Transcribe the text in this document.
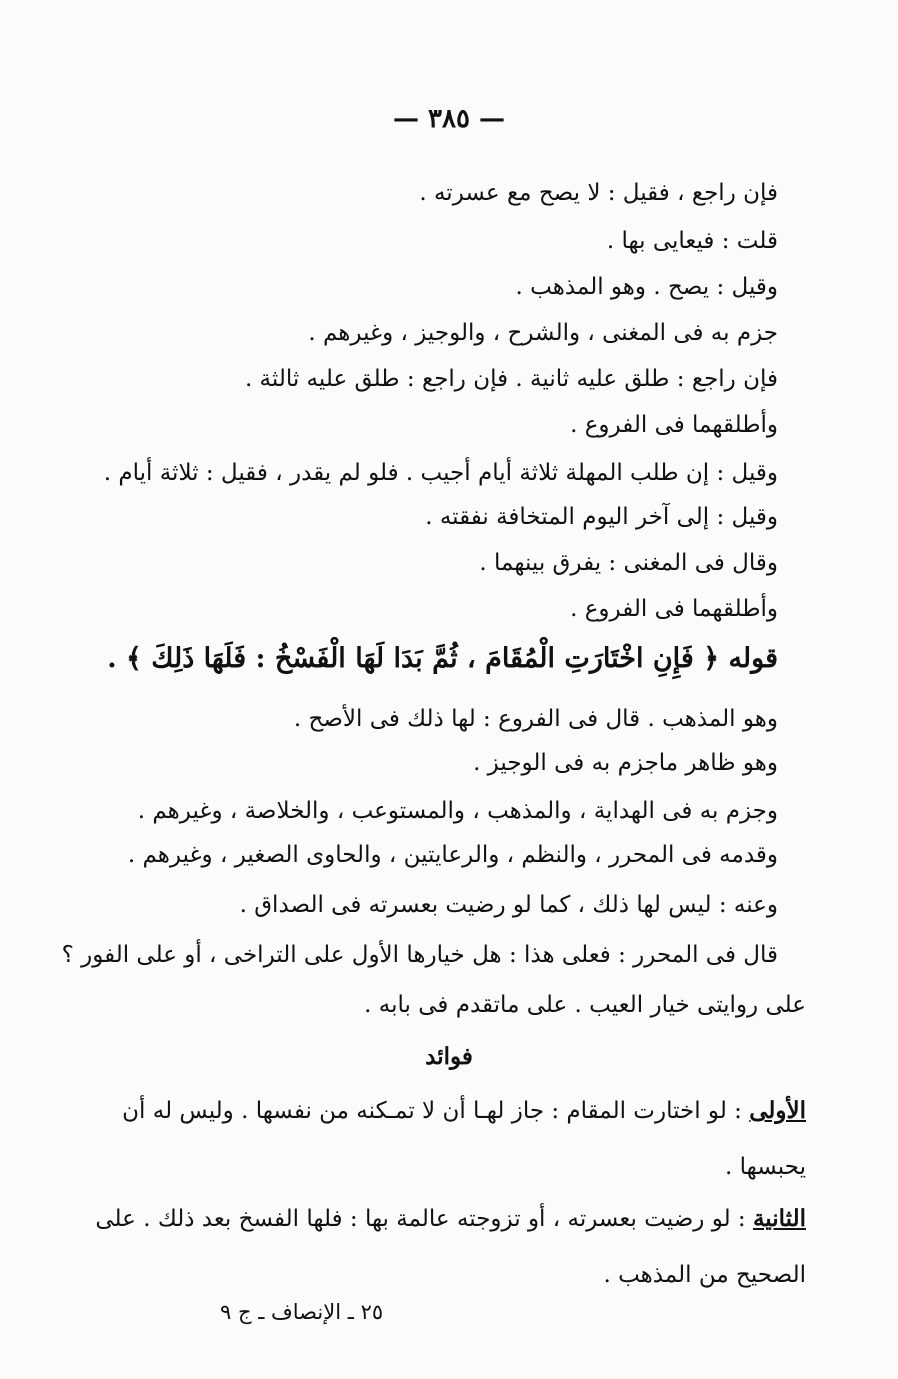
— ٣٨٥ —
فإن راجع ، فقيل : لا يصح مع عسرته .
قلت : فيعايى بها .
وقيل : يصح . وهو المذهب .
جزم به فى المغنى ، والشرح ، والوجيز ، وغيرهم .
فإن راجع : طلق عليه ثانية . فإن راجع : طلق عليه ثالثة .
وأطلقهما فى الفروع .
وقيل : إن طلب المهلة ثلاثة أيام أجيب . فلو لم يقدر ، فقيل : ثلاثة أيام .
وقيل : إلى آخر اليوم المتخافة نفقته .
وقال فى المغنى : يفرق بينهما .
وأطلقهما فى الفروع .
قوله ﴿ فَإِنِ اخْتَارَتِ الْمُقَامَ ، ثُمَّ بَدَا لَهَا الْفَسْخُ : فَلَهَا ذَلِكَ ﴾ .
وهو المذهب . قال فى الفروع : لها ذلك فى الأصح .
وهو ظاهر ماجزم به فى الوجيز .
وجزم به فى الهداية ، والمذهب ، والمستوعب ، والخلاصة ، وغيرهم .
وقدمه فى المحرر ، والنظم ، والرعايتين ، والحاوى الصغير ، وغيرهم .
وعنه : ليس لها ذلك ، كما لو رضيت بعسرته فى الصداق .
قال فى المحرر : فعلى هذا : هل خيارها الأول على التراخى ، أو على الفور ؟
على روايتى خيار العيب . على ماتقدم فى بابه .
فوائد
الأولى : لو اختارت المقام : جاز لهـا أن لا تمـكنه من نفسها . وليس له أن
يحبسها .
الثانية : لو رضيت بعسرته ، أو تزوجته عالمة بها : فلها الفسخ بعد ذلك . على
الصحيح من المذهب .
٢٥ ـ الإنصاف ـ ج ٩
